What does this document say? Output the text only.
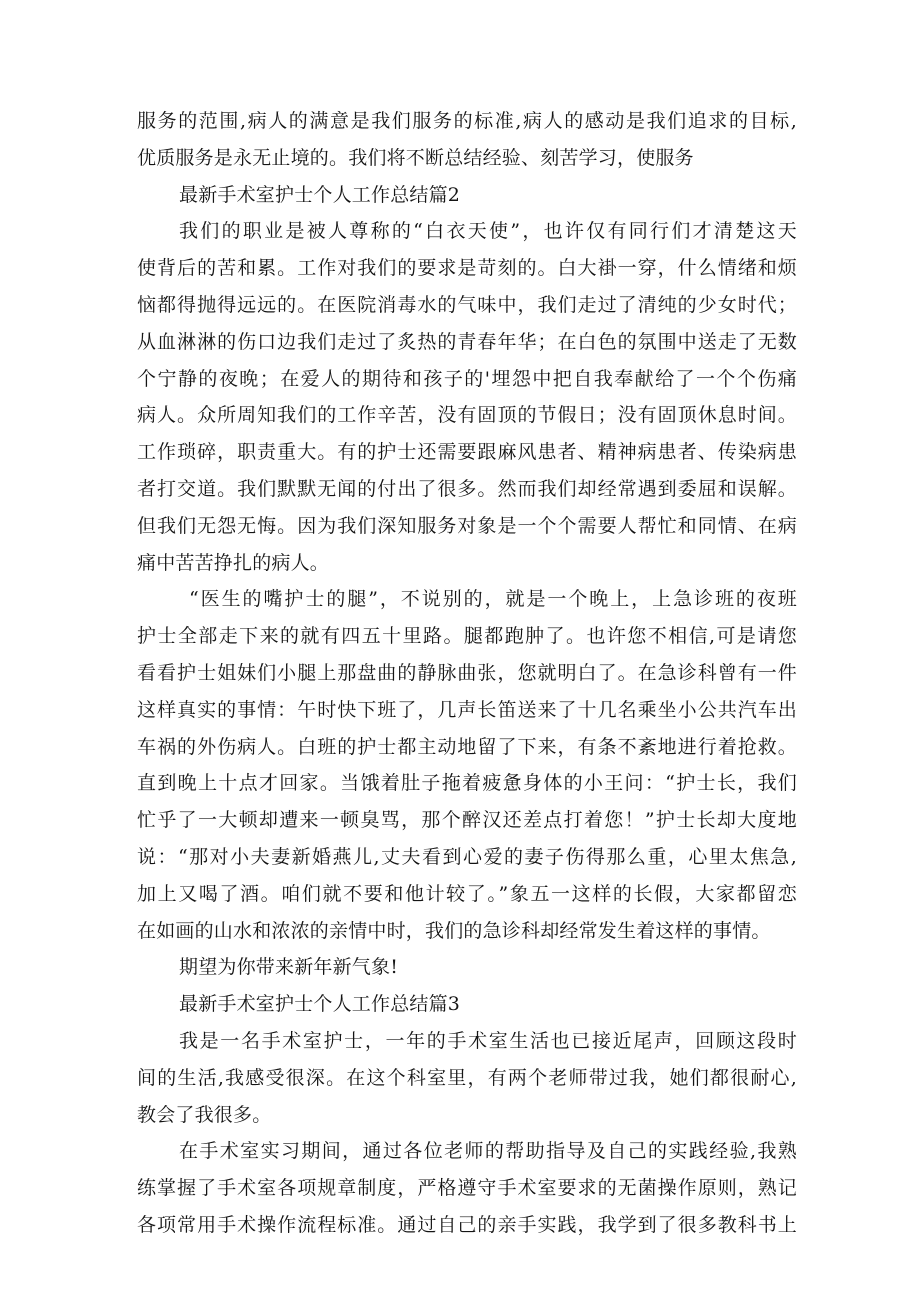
服务的范围,病人的满意是我们服务的标准,病人的感动是我们追求的目标,
优质服务是永无止境的。我们将不断总结经验、刻苦学习，使服务

最新手术室护士个人工作总结篇2

我们的职业是被人尊称的“白衣天使”，也许仅有同行们才清楚这天
使背后的苦和累。工作对我们的要求是苛刻的。白大褂一穿，什么情绪和烦
恼都得抛得远远的。在医院消毒水的气味中，我们走过了清纯的少女时代；
从血淋淋的伤口边我们走过了炙热的青春年华；在白色的氛围中送走了无数
个宁静的夜晚；在爱人的期待和孩子的'埋怨中把自我奉献给了一个个伤痛
病人。众所周知我们的工作辛苦，没有固顶的节假日；没有固顶休息时间。
工作琐碎，职责重大。有的护士还需要跟麻风患者、精神病患者、传染病患
者打交道。我们默默无闻的付出了很多。然而我们却经常遇到委屈和误解。
但我们无怨无悔。因为我们深知服务对象是一个个需要人帮忙和同情、在病
痛中苦苦挣扎的病人。

“医生的嘴护士的腿”，不说别的，就是一个晚上，上急诊班的夜班
护士全部走下来的就有四五十里路。腿都跑肿了。也许您不相信,可是请您
看看护士姐妹们小腿上那盘曲的静脉曲张，您就明白了。在急诊科曾有一件
这样真实的事情：午时快下班了，几声长笛送来了十几名乘坐小公共汽车出
车祸的外伤病人。白班的护士都主动地留了下来，有条不紊地进行着抢救。
直到晚上十点才回家。当饿着肚子拖着疲惫身体的小王问：“护士长，我们
忙乎了一大顿却遭来一顿臭骂，那个醉汉还差点打着您！”护士长却大度地
说：“那对小夫妻新婚燕儿,丈夫看到心爱的妻子伤得那么重，心里太焦急,
加上又喝了酒。咱们就不要和他计较了。”象五一这样的长假，大家都留恋
在如画的山水和浓浓的亲情中时，我们的急诊科却经常发生着这样的事情。

期望为你带来新年新气象!

最新手术室护士个人工作总结篇3

我是一名手术室护士，一年的手术室生活也已接近尾声，回顾这段时
间的生活,我感受很深。在这个科室里，有两个老师带过我，她们都很耐心,
教会了我很多。

在手术室实习期间，通过各位老师的帮助指导及自己的实践经验,我熟
练掌握了手术室各项规章制度，严格遵守手术室要求的无菌操作原则，熟记
各项常用手术操作流程标准。通过自己的亲手实践，我学到了很多教科书上
